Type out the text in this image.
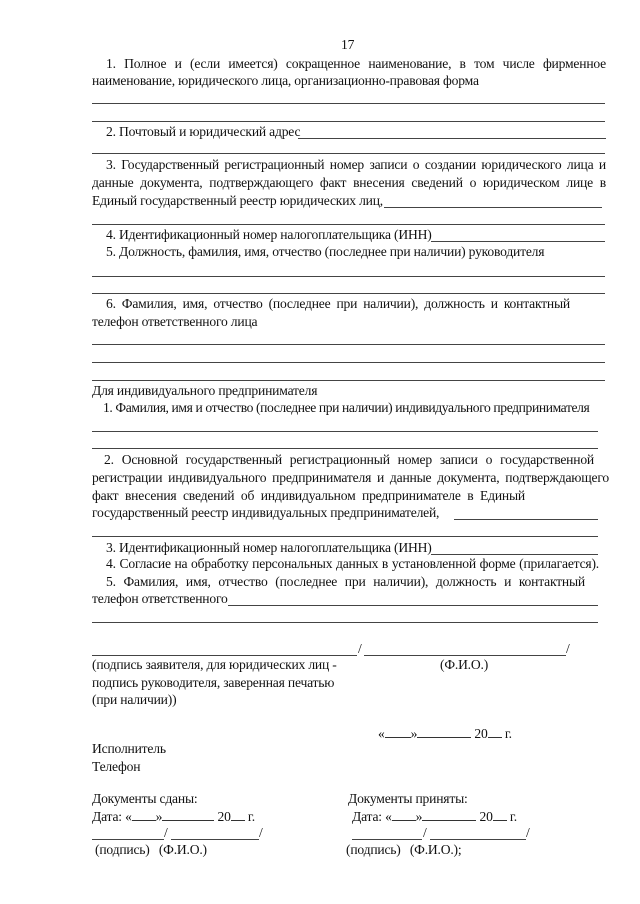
17
1. Полное и (если имеется) сокращенное наименование, в том числе фирменное
наименование, юридического лица, организационно-правовая форма
2. Почтовый и юридический адрес
3. Государственный регистрационный номер записи о создании юридического лица и
данные документа, подтверждающего факт внесения сведений о юридическом лице в
Единый государственный реестр юридических лиц,
4. Идентификационный номер налогоплательщика (ИНН)
5. Должность, фамилия, имя, отчество (последнее при наличии) руководителя
6. Фамилия, имя, отчество (последнее при наличии), должность и контактный
телефон ответственного лица
Для индивидуального предпринимателя
1. Фамилия, имя и отчество (последнее при наличии) индивидуального предпринимателя
2. Основной государственный регистрационный номер записи о государственной
регистрации индивидуального предпринимателя и данные документа, подтверждающего
факт внесения сведений об индивидуальном предпринимателе в Единый
государственный реестр индивидуальных предпринимателей,
3. Идентификационный номер налогоплательщика (ИНН)
4. Согласие на обработку персональных данных в установленной форме (прилагается).
5. Фамилия, имя, отчество (последнее при наличии), должность и контактный
телефон ответственного
/	/
(подпись заявителя, для юридических лиц -	(Ф.И.О.)
подпись руководителя, заверенная печатью
(при наличии))
« »	20 г.
Исполнитель
Телефон
Документы сданы:
Дата: « »	20 г.
/	/
(подпись) (Ф.И.О.)
Документы приняты:
Дата: « »	20 г.
/	/
(подпись) (Ф.И.О.);
